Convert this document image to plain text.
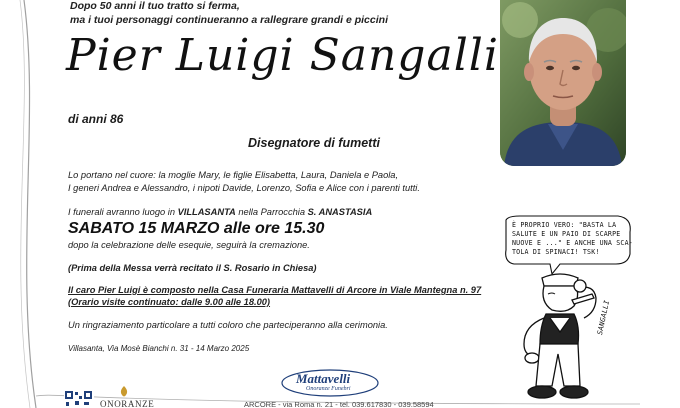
Dopo 50 anni il tuo tratto si ferma,
ma i tuoi personaggi continueranno a rallegrare grandi e piccini
Pier Luigi Sangalli
di anni 86
Disegnatore di fumetti
Lo portano nel cuore: la moglie Mary, le figlie Elisabetta, Laura, Daniela e Paola,
I generi Andrea e Alessandro, i nipoti Davide, Lorenzo, Sofia e Alice con i parenti tutti.
I funerali avranno luogo in VILLASANTA nella Parrocchia S. ANASTASIA
SABATO 15 MARZO alle ore 15.30
dopo la celebrazione delle esequie, seguirà la cremazione.
(Prima della Messa verrà recitato il S. Rosario in Chiesa)
Il caro Pier Luigi è composto nella Casa Funeraria Mattavelli di Arcore in Viale Mantegna n. 97
(Orario visite continuato: dalle 9.00 alle 18.00)
Un ringraziamento particolare a tutti coloro che parteciperanno alla cerimonia.
Villasanta, Via Mosè Bianchi n. 31 - 14 Marzo 2025
È PROPRIO VERO: "BASTA LA
SALUTE E UN PAIO DI SCARPE
NUOVE E ..." E ANCHE UNA SCA-
TOLA DI SPINACI! TSK!
SANGALLI
ONORANZE
Mattavelli
Onoranze Funebri
ARCORE - via Roma n. 21 - tel. 039.617830 - 039.58594
